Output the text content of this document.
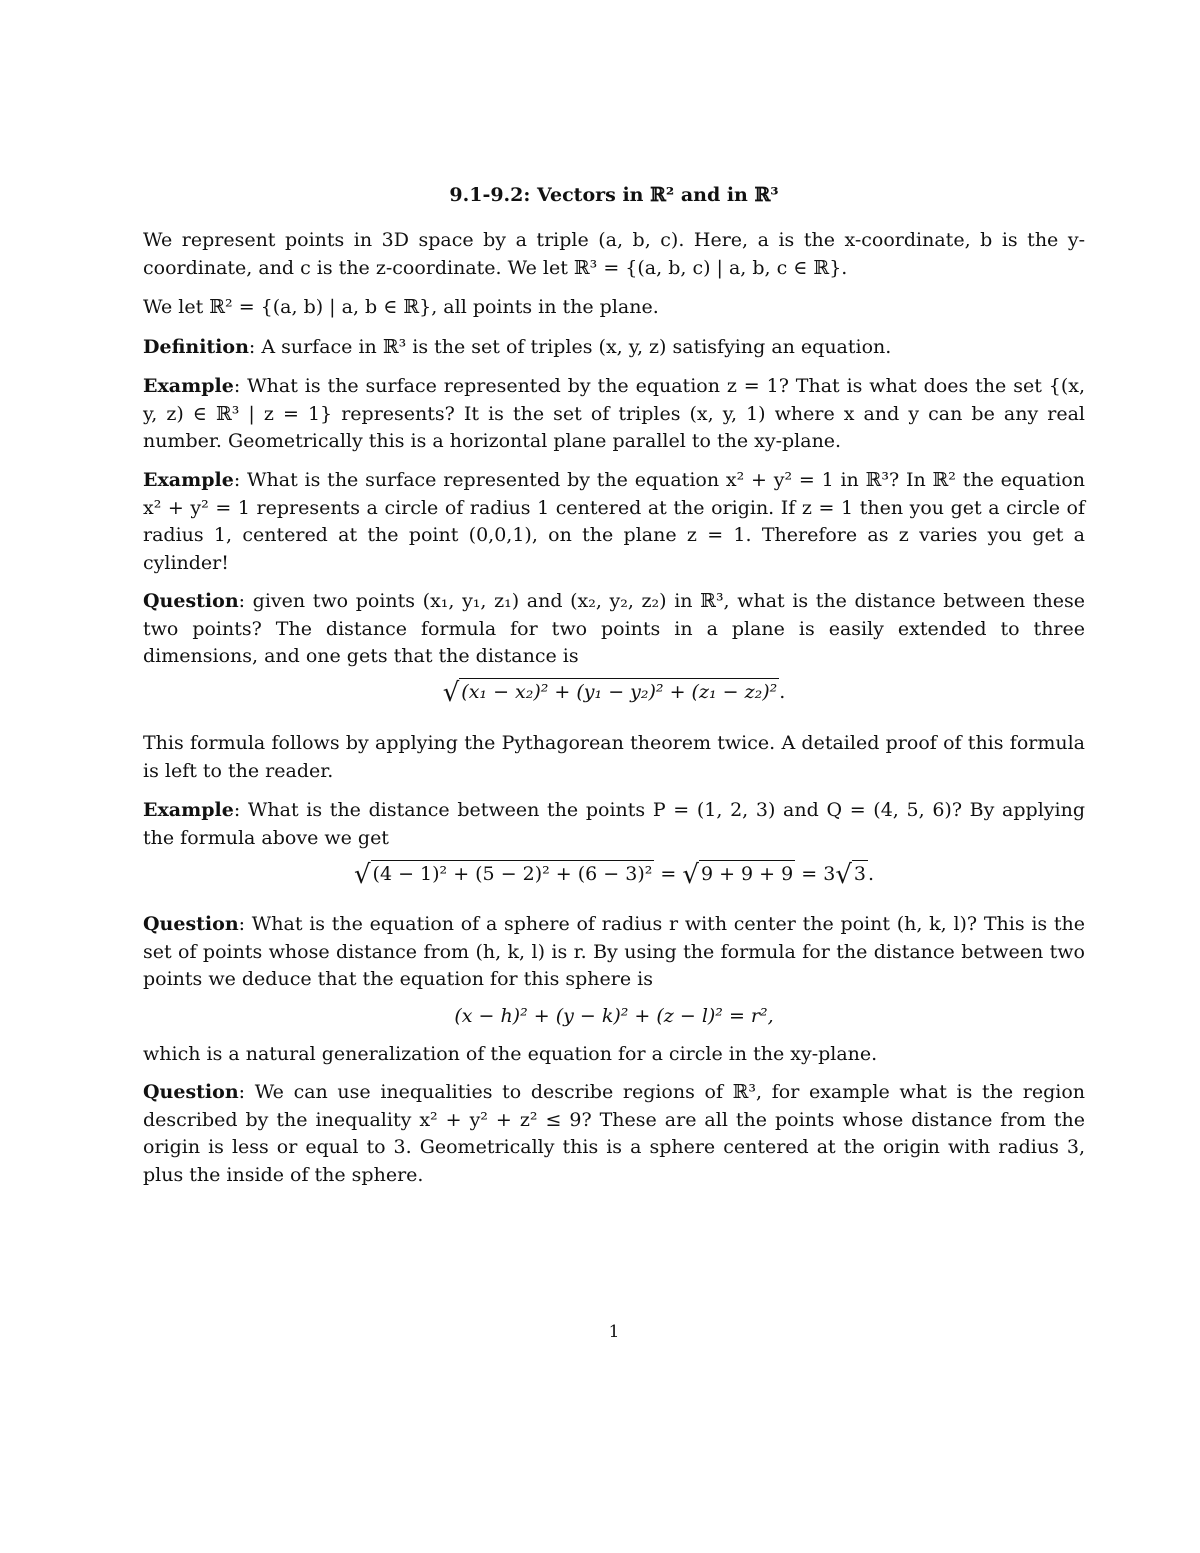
9.1-9.2: Vectors in ℝ² and in ℝ³
We represent points in 3D space by a triple (a, b, c). Here, a is the x-coordinate, b is the y-coordinate, and c is the z-coordinate. We let ℝ³ = {(a, b, c) | a, b, c ∈ ℝ}.
We let ℝ² = {(a, b) | a, b ∈ ℝ}, all points in the plane.
Definition: A surface in ℝ³ is the set of triples (x, y, z) satisfying an equation.
Example: What is the surface represented by the equation z = 1? That is what does the set {(x, y, z) ∈ ℝ³ | z = 1} represents? It is the set of triples (x, y, 1) where x and y can be any real number. Geometrically this is a horizontal plane parallel to the xy-plane.
Example: What is the surface represented by the equation x² + y² = 1 in ℝ³? In ℝ² the equation x² + y² = 1 represents a circle of radius 1 centered at the origin. If z = 1 then you get a circle of radius 1, centered at the point (0,0,1), on the plane z = 1. Therefore as z varies you get a cylinder!
Question: given two points (x₁, y₁, z₁) and (x₂, y₂, z₂) in ℝ³, what is the distance between these two points? The distance formula for two points in a plane is easily extended to three dimensions, and one gets that the distance is
√ (x₁ − x₂)² + (y₁ − y₂)² + (z₁ − z₂)² .
This formula follows by applying the Pythagorean theorem twice. A detailed proof of this formula is left to the reader.
Example: What is the distance between the points P = (1, 2, 3) and Q = (4, 5, 6)? By applying the formula above we get
√ (4 − 1)² + (5 − 2)² + (6 − 3)² = √ 9 + 9 + 9 = 3√ 3 .
Question: What is the equation of a sphere of radius r with center the point (h, k, l)? This is the set of points whose distance from (h, k, l) is r. By using the formula for the distance between two points we deduce that the equation for this sphere is
(x − h)² + (y − k)² + (z − l)² = r²,
which is a natural generalization of the equation for a circle in the xy-plane.
Question: We can use inequalities to describe regions of ℝ³, for example what is the region described by the inequality x² + y² + z² ≤ 9? These are all the points whose distance from the origin is less or equal to 3. Geometrically this is a sphere centered at the origin with radius 3, plus the inside of the sphere.
1
